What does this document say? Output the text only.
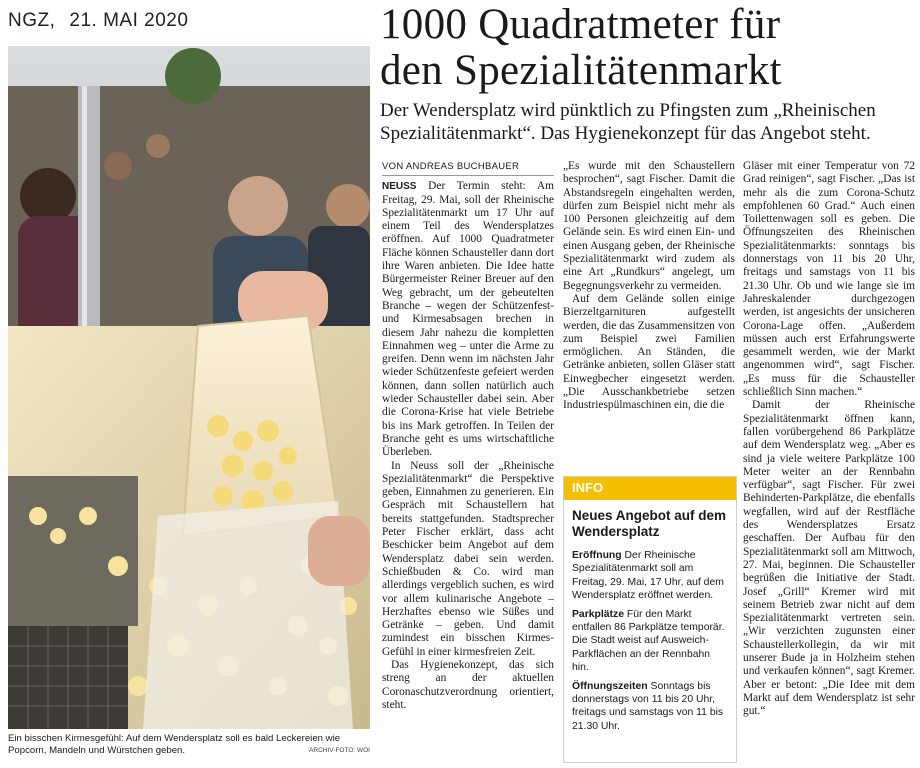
NGZ, 21. MAI 2020	1000 Quadratmeter für
den Spezialitätenmarkt
Der Wendersplatz wird pünktlich zu Pfingsten zum „Rheinischen Spezialitätenmarkt“. Das Hygienekonzept für das Angebot steht.
Ein bisschen Kirmesgefühl: Auf dem Wendersplatz soll es bald Leckereien wie Popcorn, Mandeln und Würstchen geben.	ARCHIV-FOTO: WOI
VON ANDREAS BUCHBAUER

NEUSS Der Termin steht: Am Freitag, 29. Mai, soll der Rheinische Spezialitätenmarkt um 17 Uhr auf einem Teil des Wendersplatzes eröffnen. Auf 1000 Quadratmeter Fläche können Schausteller dann dort ihre Waren anbieten. Die Idee hatte Bürgermeister Reiner Breuer auf den Weg gebracht, um der gebeutelten Branche – wegen der Schützenfest- und Kirmesabsagen brechen in diesem Jahr nahezu die kompletten Einnahmen weg – unter die Arme zu greifen. Denn wenn im nächsten Jahr wieder Schützenfeste gefeiert werden können, dann sollen natürlich auch wieder Schausteller dabei sein. Aber die Corona-Krise hat viele Betriebe bis ins Mark getroffen. In Teilen der Branche geht es ums wirtschaftliche Überleben.

In Neuss soll der „Rheinische Spezialitätenmarkt“ die Perspektive geben, Einnahmen zu generieren. Ein Gespräch mit Schaustellern hat bereits stattgefunden. Stadtsprecher Peter Fischer erklärt, dass acht Beschicker beim Angebot auf dem Wendersplatz dabei sein werden. Schießbuden & Co. wird man allerdings vergeblich suchen, es wird vor allem kulinarische Angebote – Herzhaftes ebenso wie Süßes und Getränke – geben. Und damit zumindest ein bisschen Kirmes-Gefühl in einer kirmesfreien Zeit.

Das Hygienekonzept, das sich streng an der aktuellen Coronaschutzverordnung orientiert, steht.

„Es wurde mit den Schaustellern besprochen“, sagt Fischer. Damit die Abstandsregeln eingehalten werden, dürfen zum Beispiel nicht mehr als 100 Personen gleichzeitig auf dem Gelände sein. Es wird einen Ein- und einen Ausgang geben, der Rheinische Spezialitätenmarkt wird zudem als eine Art „Rundkurs“ angelegt, um Begegnungsverkehr zu vermeiden.

Auf dem Gelände sollen einige Bierzeltgarnituren aufgestellt werden, die das Zusammensitzen von zum Beispiel zwei Familien ermöglichen. An Ständen, die Getränke anbieten, sollen Gläser statt Einwegbecher eingesetzt werden. „Die Ausschankbetriebe setzen Industriespülmaschinen ein, die die

INFO
Neues Angebot auf dem Wendersplatz
Eröffnung Der Rheinische Spezialitätenmarkt soll am Freitag, 29. Mai, 17 Uhr, auf dem Wendersplatz eröffnet werden.
Parkplätze Für den Markt entfallen 86 Parkplätze temporär. Die Stadt weist auf Ausweich-Parkflächen an der Rennbahn hin.
Öffnungszeiten Sonntags bis donnerstags von 11 bis 20 Uhr, freitags und samstags von 11 bis 21.30 Uhr.

Gläser mit einer Temperatur von 72 Grad reinigen“, sagt Fischer. „Das ist mehr als die zum Corona-Schutz empfohlenen 60 Grad.“ Auch einen Toilettenwagen soll es geben. Die Öffnungszeiten des Rheinischen Spezialitätenmarkts: sonntags bis donnerstags von 11 bis 20 Uhr, freitags und samstags von 11 bis 21.30 Uhr. Ob und wie lange sie im Jahreskalender durchgezogen werden, ist angesichts der unsicheren Corona-Lage offen. „Außerdem müssen auch erst Erfahrungswerte gesammelt werden, wie der Markt angenommen wird“, sagt Fischer. „Es muss für die Schausteller schließlich Sinn machen.“

Damit der Rheinische Spezialitätenmarkt öffnen kann, fallen vorübergehend 86 Parkplätze auf dem Wendersplatz weg. „Aber es sind ja viele weitere Parkplätze 100 Meter weiter an der Rennbahn verfügbar“, sagt Fischer. Für zwei Behinderten-Parkplätze, die ebenfalls wegfallen, wird auf der Restfläche des Wendersplatzes Ersatz geschaffen. Der Aufbau für den Spezialitätenmarkt soll am Mittwoch, 27. Mai, beginnen. Die Schausteller begrüßen die Initiative der Stadt. Josef „Grill“ Kremer wird mit seinem Betrieb zwar nicht auf dem Spezialitätenmarkt vertreten sein. „Wir verzichten zugunsten einer Schaustellerkollegin, da wir mit unserer Bude ja in Holzheim stehen und verkaufen können“, sagt Kremer. Aber er betont: „Die Idee mit dem Markt auf dem Wendersplatz ist sehr gut.“
